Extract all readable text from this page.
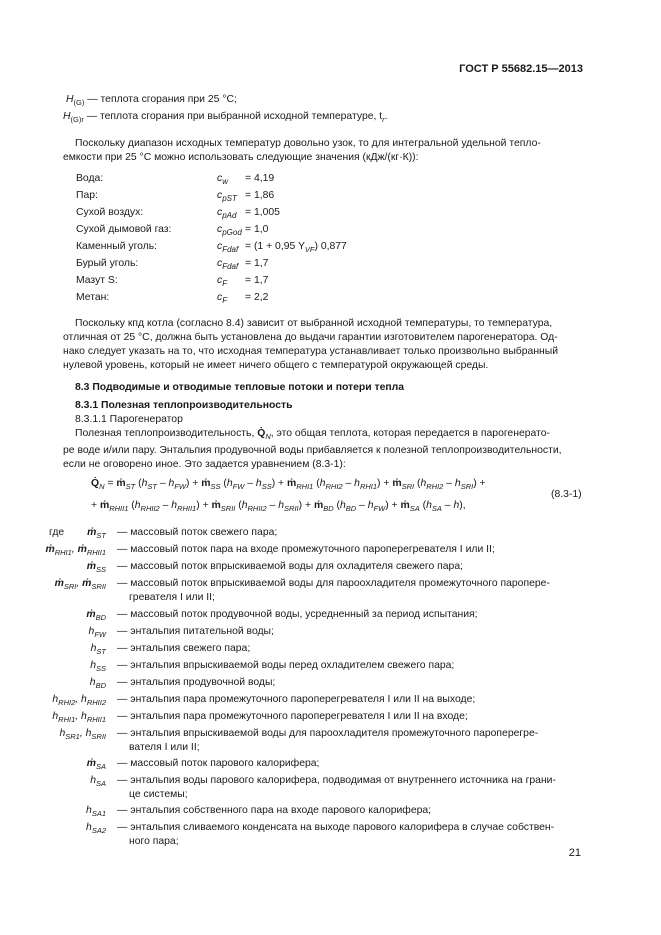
ГОСТ Р 55682.15—2013
$H_{(G)}$ — теплота сгорания при 25 °С;
$H_{(G)r}$ — теплота сгорания при выбранной исходной температуре, $t_r$.
Поскольку диапазон исходных температур довольно узок, то для интегральной удельной тепло-
емкости при 25 °С можно использовать следующие значения (кДж/(кг·К)):
Вода:	$c_w = 4,19$
Пар:	$c_{pST} = 1,86$
Сухой воздух:	$c_{pAd} = 1,005$
Сухой дымовой газ:	$c_{pGod} = 1,0$
Каменный уголь:	$c_{Fdaf} = (1 + 0,95$ $Y_{VF}$) 0,877
Бурый уголь:	$c_{Fdaf} = 1,7$
Мазут S:	$c_F = 1,7$
Метан:	$c_F = 2,2$
Поскольку кпд котла (согласно 8.4) зависит от выбранной исходной температуры, то температура,
отличная от 25 °С, должна быть установлена до выдачи гарантии изготовителем парогенератора. Од-
нако следует указать на то, что исходная температура устанавливает только произвольно выбранный
нулевой уровень, который не имеет ничего общего с температурой окружающей среды.
8.3 Подводимые и отводимые тепловые потоки и потери тепла
8.3.1 Полезная теплопроизводительность
8.3.1.1 Парогенератор
Полезная теплопроизводительность, $Q̇_N$, это общая теплота, которая передается в парогенерато-
ре воде и/или пару. Энтальпия продувочной воды прибавляется к полезной теплопроизводительности,
если не оговорено иное. Это задается уравнением (8.3-1):
$Q̇_N$ = ṁ$_{ST}$ $(h_{ST} - h_{FW})$ + ṁ$_{SS}$ $(h_{FW} - h_{SS})$ + ṁ$_{RHI1}$ $(h_{RHI2} - h_{RHI1})$ + ṁ$_{SRI}$ $(h_{RHI2} - h_{SRI})$ +
+ ṁ$_{RHII1}$ $(h_{RHII2} - h_{RHII1})$ + ṁ$_{SRII}$ $(h_{RHII2} - h_{SRII})$ + ṁ$_{BD}$ $(h_{BD} - h_{FW})$ + ṁ$_{SA}$ $(h_{SA} - h)$,
(8.3-1)
где ṁ$_{ST}$ — массовый поток свежего пара;
ṁ$_{RHI1}$, ṁ$_{RHII1}$ — массовый поток пара на входе промежуточного пароперегревателя I или II;
ṁ$_{SS}$ — массовый поток впрыскиваемой воды для охладителя свежего пара;
ṁ$_{SRI}$, ṁ$_{SRII}$ — массовый поток впрыскиваемой воды для пароохладителя промежуточного паропере-
гревателя I или II;
ṁ$_{BD}$ — массовый поток продувочной воды, усредненный за период испытания;
$h_{FW}$ — энтальпия питательной воды;
$h_{ST}$ — энтальпия свежего пара;
$h_{SS}$ — энтальпия впрыскиваемой воды перед охладителем свежего пара;
$h_{BD}$ — энтальпия продувочной воды;
$h_{RHI2}$, $h_{RHII2}$ — энтальпия пара промежуточного пароперегревателя I или II на выходе;
$h_{RHI1}$, $h_{RHII1}$ — энтальпия пара промежуточного пароперегревателя I или II на входе;
$h_{SR1}$, $h_{SRII}$ — энтальпия впрыскиваемой воды для пароохладителя промежуточного пароперегре-
вателя I или II;
ṁ$_{SA}$ — массовый поток парового калорифера;
$h_{SA}$ — энтальпия воды парового калорифера, подводимая от внутреннего источника на грани-
це системы;
$h_{SA1}$ — энтальпия собственного пара на входе парового калорифера;
$h_{SA2}$ — энтальпия сливаемого конденсата на выходе парового калорифера в случае собствен-
ного пара;
21
